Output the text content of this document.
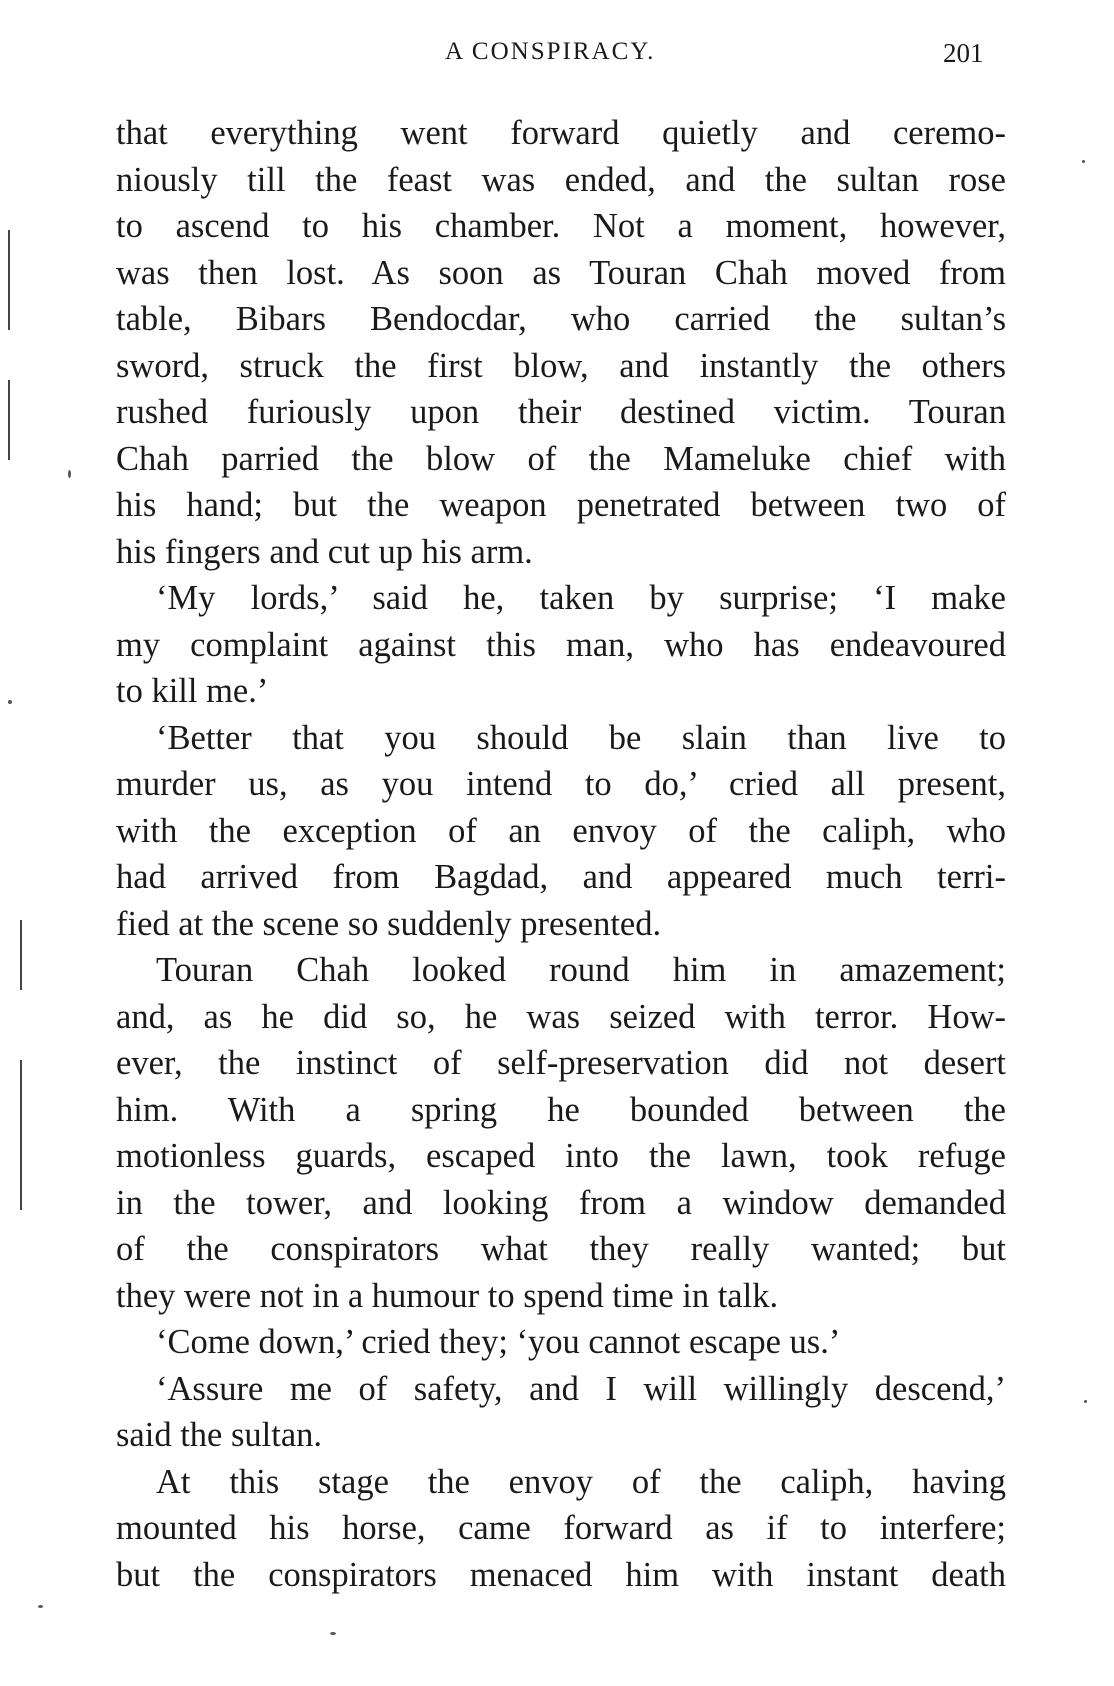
A CONSPIRACY.	201
that everything went forward quietly and ceremo-
niously till the feast was ended, and the sultan rose
to ascend to his chamber. Not a moment, however,
was then lost. As soon as Touran Chah moved from
table, Bibars Bendocdar, who carried the sultan’s
sword, struck the first blow, and instantly the others
rushed furiously upon their destined victim. Touran
Chah parried the blow of the Mameluke chief with
his hand; but the weapon penetrated between two of
his fingers and cut up his arm.
‘My lords,’ said he, taken by surprise; ‘I make
my complaint against this man, who has endeavoured
to kill me.’
‘Better that you should be slain than live to
murder us, as you intend to do,’ cried all present,
with the exception of an envoy of the caliph, who
had arrived from Bagdad, and appeared much terri-
fied at the scene so suddenly presented.
Touran Chah looked round him in amazement;
and, as he did so, he was seized with terror. How-
ever, the instinct of self-preservation did not desert
him. With a spring he bounded between the
motionless guards, escaped into the lawn, took refuge
in the tower, and looking from a window demanded
of the conspirators what they really wanted; but
they were not in a humour to spend time in talk.
‘Come down,’ cried they; ‘you cannot escape us.’
‘Assure me of safety, and I will willingly descend,’
said the sultan.
At this stage the envoy of the caliph, having
mounted his horse, came forward as if to interfere;
but the conspirators menaced him with instant death
